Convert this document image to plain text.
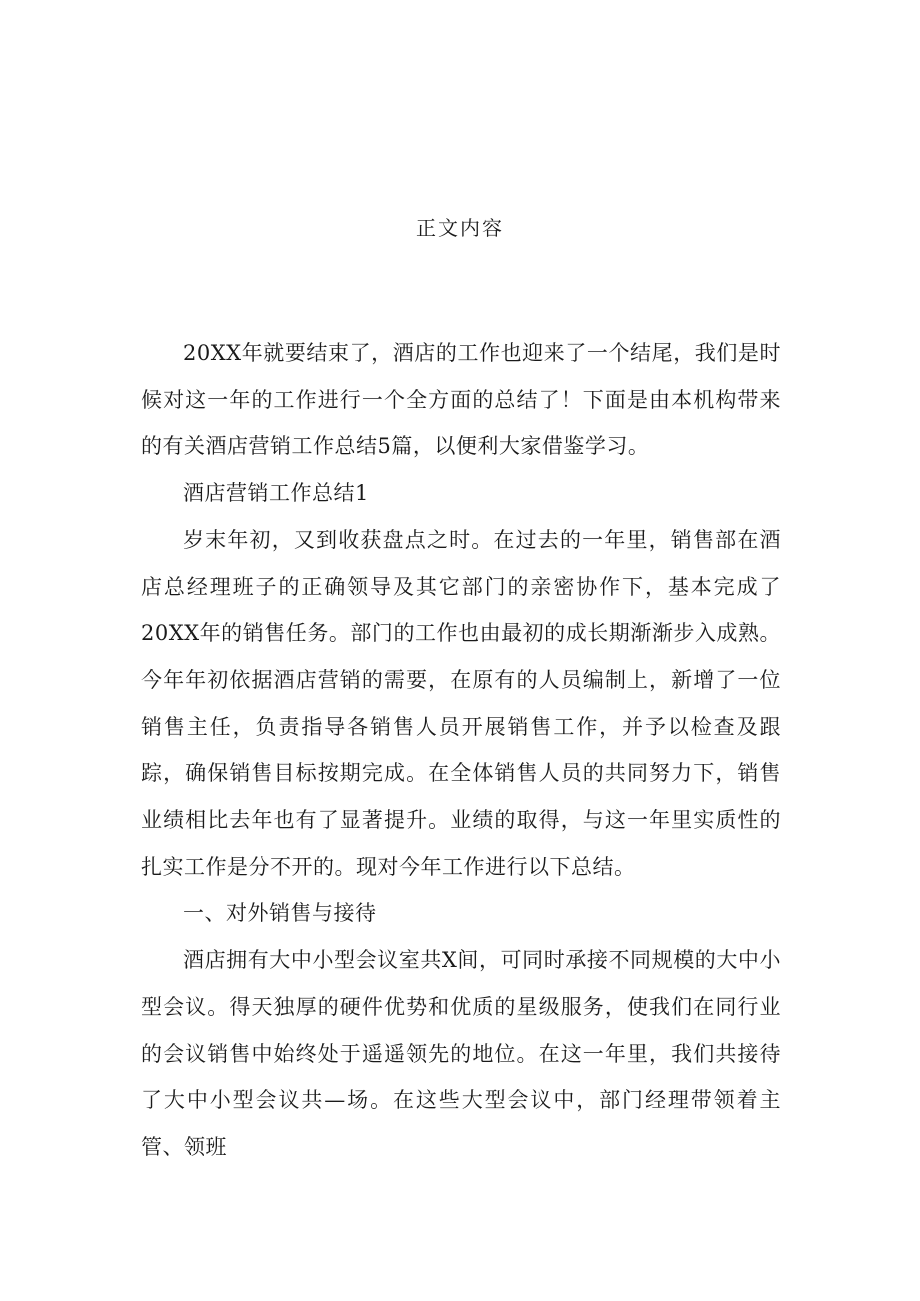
正文内容

20XX年就要结束了，酒店的工作也迎来了一个结尾，我们是时候对这一年的工作进行一个全方面的总结了！下面是由本机构带来的有关酒店营销工作总结5篇，以便利大家借鉴学习。

酒店营销工作总结1

岁末年初，又到收获盘点之时。在过去的一年里，销售部在酒店总经理班子的正确领导及其它部门的亲密协作下，基本完成了20XX年的销售任务。部门的工作也由最初的成长期渐渐步入成熟。今年年初依据酒店营销的需要，在原有的人员编制上，新增了一位销售主任，负责指导各销售人员开展销售工作，并予以检查及跟踪，确保销售目标按期完成。在全体销售人员的共同努力下，销售业绩相比去年也有了显著提升。业绩的取得，与这一年里实质性的扎实工作是分不开的。现对今年工作进行以下总结。

一、对外销售与接待

酒店拥有大中小型会议室共X间，可同时承接不同规模的大中小型会议。得天独厚的硬件优势和优质的星级服务，使我们在同行业的会议销售中始终处于遥遥领先的地位。在这一年里，我们共接待了大中小型会议共—场。在这些大型会议中，部门经理带领着主管、领班
